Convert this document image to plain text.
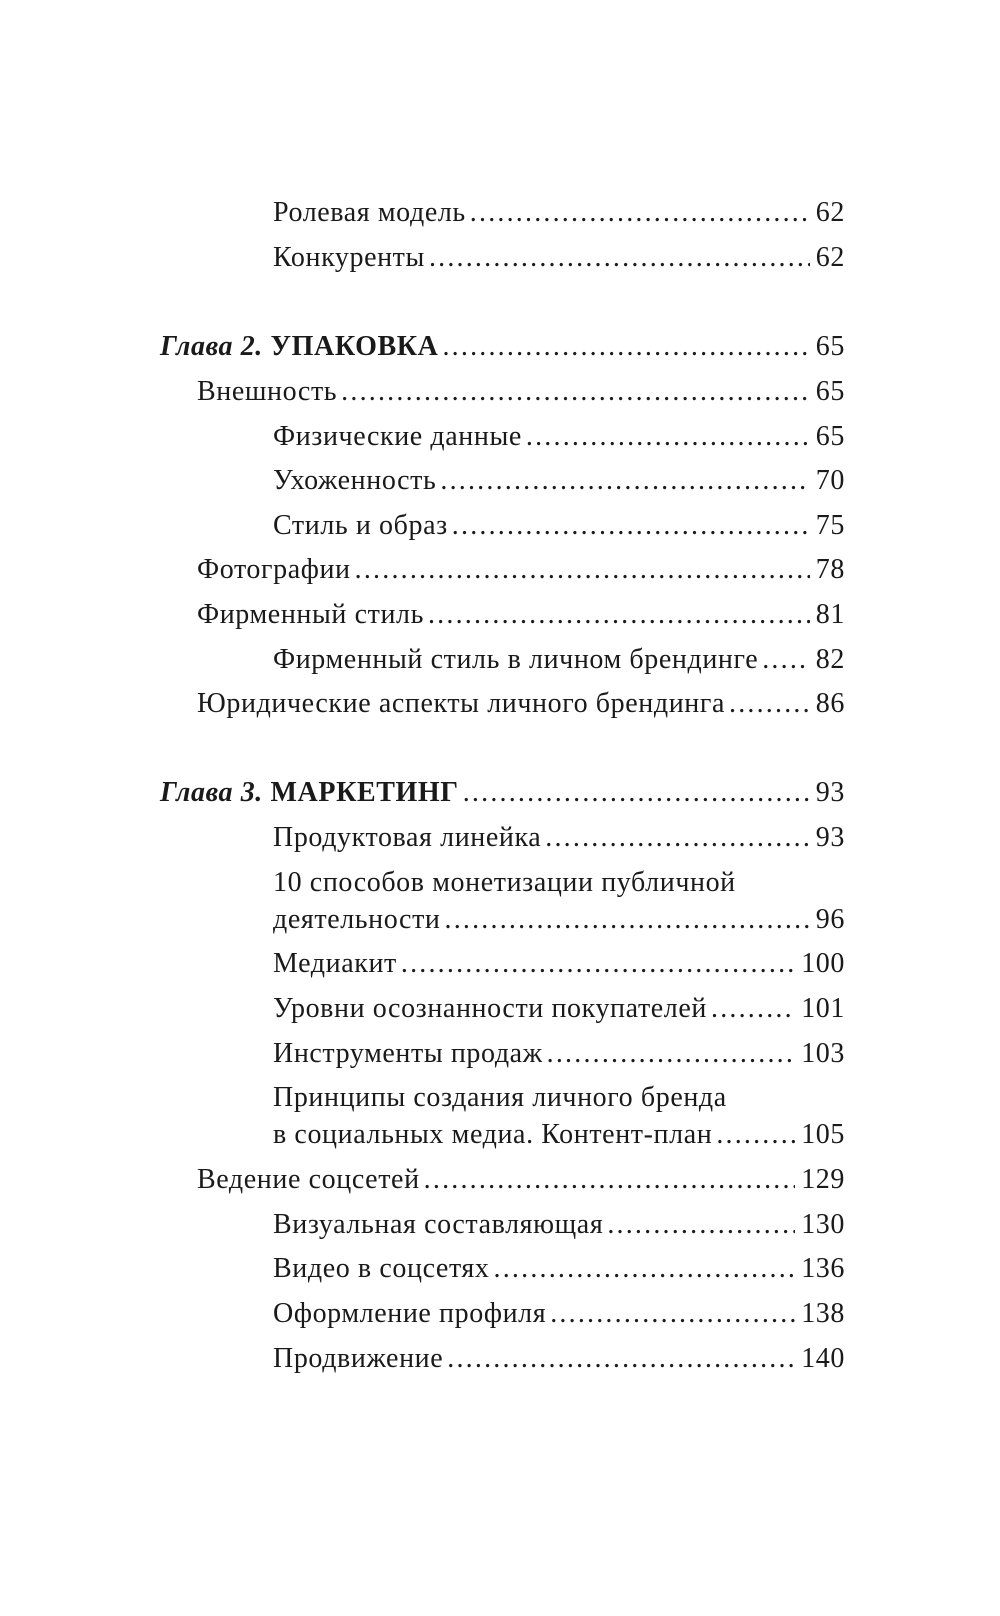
Ролевая модель .....	62
Конкуренты .....	62
Глава 2. УПАКОВКА .....	65
Внешность .....	65
Физические данные .....	65
Ухоженность .....	70
Стиль и образ .....	75
Фотографии .....	78
Фирменный стиль .....	81
Фирменный стиль в личном брендинге ..... 82
Юридические аспекты личного брендинга .....	86
Глава 3. МАРКЕТИНГ .....	93
Продуктовая линейка .....	93
10 способов монетизации публичной
деятельности .....	96
Медиакит .....	100
Уровни осознанности покупателей .....	101
Инструменты продаж .....	103
Принципы создания личного бренда
в социальных медиа. Контент-план .....	105
Ведение соцсетей .....	129
Визуальная составляющая .....	130
Видео в соцсетях .....	136
Оформление профиля .....	138
Продвижение .....	140
